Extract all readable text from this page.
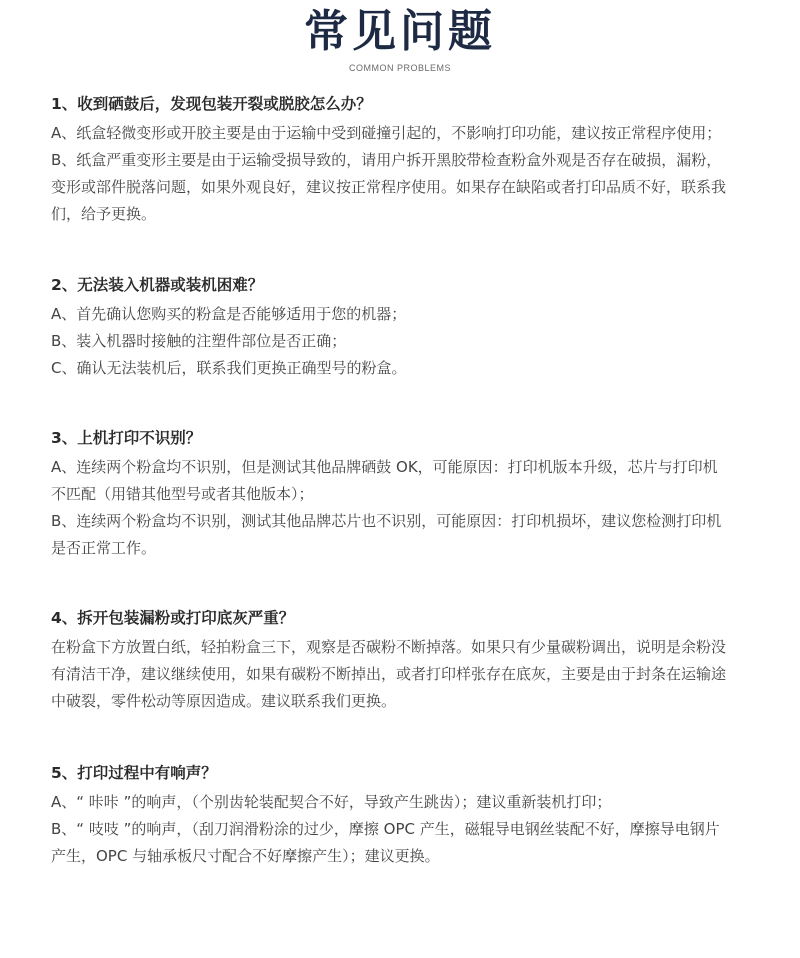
常见问题
COMMON PROBLEMS

1、收到硒鼓后，发现包装开裂或脱胶怎么办？

A、纸盒轻微变形或开胶主要是由于运输中受到碰撞引起的，不影响打印功能，建议按正常程序使用；
B、纸盒严重变形主要是由于运输受损导致的，请用户拆开黑胶带检查粉盒外观是否存在破损，漏粉，
变形或部件脱落问题，如果外观良好，建议按正常程序使用。如果存在缺陷或者打印品质不好，联系我
们，给予更换。

2、无法装入机器或装机困难？

A、首先确认您购买的粉盒是否能够适用于您的机器；
B、装入机器时接触的注塑件部位是否正确；
C、确认无法装机后，联系我们更换正确型号的粉盒。

3、上机打印不识别？

A、连续两个粉盒均不识别，但是测试其他品牌硒鼓 OK，可能原因：打印机版本升级，芯片与打印机
不匹配（用错其他型号或者其他版本）；
B、连续两个粉盒均不识别，测试其他品牌芯片也不识别，可能原因：打印机损坏，建议您检测打印机
是否正常工作。

4、拆开包装漏粉或打印底灰严重？

在粉盒下方放置白纸，轻拍粉盒三下，观察是否碳粉不断掉落。如果只有少量碳粉调出，说明是余粉没
有清洁干净，建议继续使用，如果有碳粉不断掉出，或者打印样张存在底灰，主要是由于封条在运输途
中破裂，零件松动等原因造成。建议联系我们更换。

5、打印过程中有响声？

A、“ 咔咔 ”的响声，（个别齿轮装配契合不好，导致产生跳齿）；建议重新装机打印；
B、“ 吱吱 ”的响声，（刮刀润滑粉涂的过少，摩擦 OPC 产生，磁辊导电钢丝装配不好，摩擦导电钢片
产生，OPC 与轴承板尺寸配合不好摩擦产生）；建议更换。
